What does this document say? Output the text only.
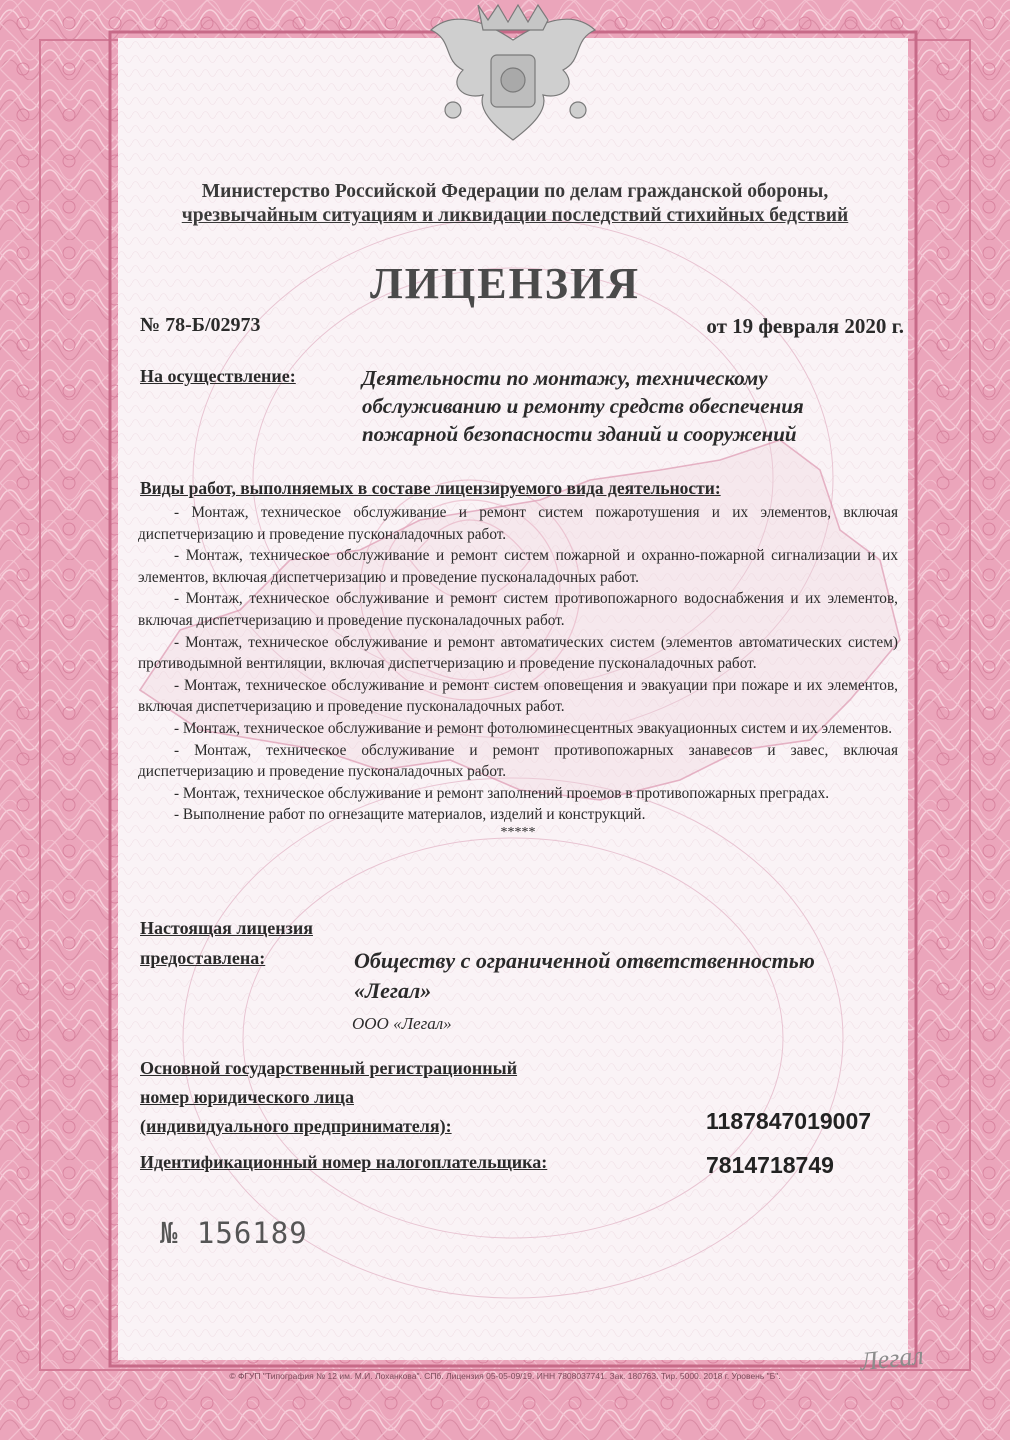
Министерство Российской Федерации по делам гражданской обороны,
чрезвычайным ситуациям и ликвидации последствий стихийных бедствий
ЛИЦЕНЗИЯ
№ 78-Б/02973	от 19 февраля 2020 г.
На осуществление:	Деятельности по монтажу, техническому
обслуживанию и ремонту средств обеспечения
пожарной безопасности зданий и сооружений
Виды работ, выполняемых в составе лицензируемого вида деятельности:

- Монтаж, техническое обслуживание и ремонт систем пожаротушения и их элементов, включая диспетчеризацию и проведение пусконаладочных работ.

- Монтаж, техническое обслуживание и ремонт систем пожарной и охранно-пожарной сигнализации и их элементов, включая диспетчеризацию и проведение пусконаладочных работ.

- Монтаж, техническое обслуживание и ремонт систем противопожарного водоснабжения и их элементов, включая диспетчеризацию и проведение пусконаладочных работ.

- Монтаж, техническое обслуживание и ремонт автоматических систем (элементов автоматических систем) противодымной вентиляции, включая диспетчеризацию и проведение пусконаладочных работ.

- Монтаж, техническое обслуживание и ремонт систем оповещения и эвакуации при пожаре и их элементов, включая диспетчеризацию и проведение пусконаладочных работ.

- Монтаж, техническое обслуживание и ремонт фотолюминесцентных эвакуационных систем и их элементов.

- Монтаж, техническое обслуживание и ремонт противопожарных занавесов и завес, включая диспетчеризацию и проведение пусконаладочных работ.

- Монтаж, техническое обслуживание и ремонт заполнений проемов в противопожарных преградах.

- Выполнение работ по огнезащите материалов, изделий и конструкций.

*****
Настоящая лицензия
предоставлена:	Обществу с ограниченной ответственностью
«Легал»
ООО «Легал»
Основной государственный регистрационный
номер юридического лица
(индивидуального предпринимателя):	1187847019007
Идентификационный номер налогоплательщика:	7814718749
№ 156189
Легал
© ФГУП "Типография № 12 им. М.И. Лоханкова". СПб. Лицензия 05-05-09/19. ИНН 7808037741. Зак. 180763. Тир. 5000. 2018 г. Уровень "Б".
